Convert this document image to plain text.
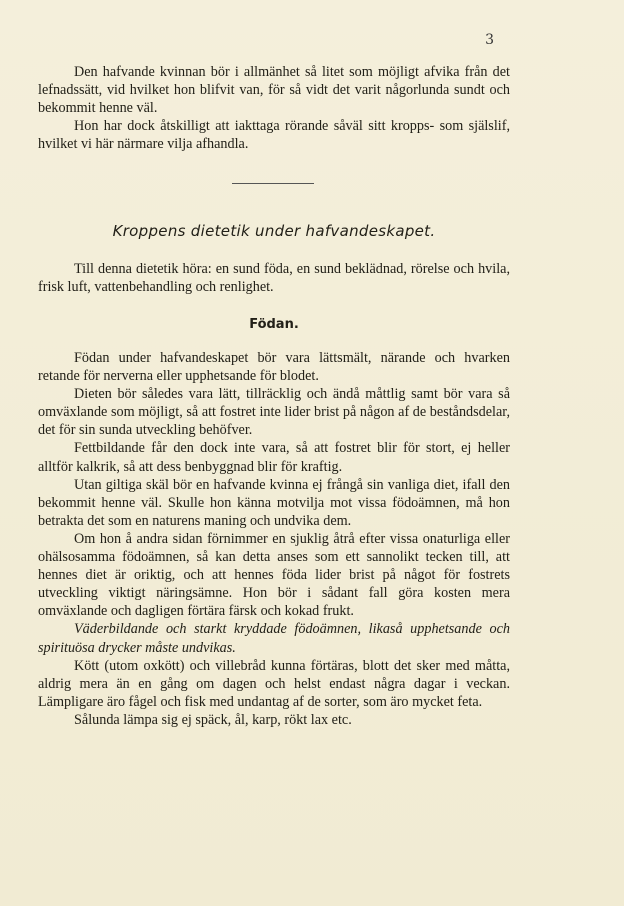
3

Den hafvande kvinnan bör i allmänhet så litet som möjligt afvika från det lefnadssätt, vid hvilket hon blifvit van, för så vidt det varit någorlunda sundt och bekommit henne väl.

Hon har dock åtskilligt att iakttaga rörande såväl sitt kropps- som själslif, hvilket vi här närmare vilja afhandla.

Kroppens dietetik under hafvandeskapet.

Till denna dietetik höra: en sund föda, en sund beklädnad, rörelse och hvila, frisk luft, vattenbehandling och renlighet.

Födan.

Födan under hafvandeskapet bör vara lättsmält, närande och hvarken retande för nerverna eller upphetsande för blodet.

Dieten bör således vara lätt, tillräcklig och ändå måttlig samt bör vara så omväxlande som möjligt, så att fostret inte lider brist på någon af de beståndsdelar, det för sin sunda utveckling behöfver.

Fettbildande får den dock inte vara, så att fostret blir för stort, ej heller alltför kalkrik, så att dess benbyggnad blir för kraftig.

Utan giltiga skäl bör en hafvande kvinna ej frångå sin vanliga diet, ifall den bekommit henne väl. Skulle hon känna motvilja mot vissa födoämnen, må hon betrakta det som en naturens maning och undvika dem.

Om hon å andra sidan förnimmer en sjuklig åtrå efter vissa onaturliga eller ohälsosamma födoämnen, så kan detta anses som ett sannolikt tecken till, att hennes diet är oriktig, och att hennes föda lider brist på något för fostrets utveckling viktigt näringsämne. Hon bör i sådant fall göra kosten mera omväxlande och dagligen förtära färsk och kokad frukt.

Väderbildande och starkt kryddade födoämnen, likaså upphetsande och spirituösa drycker måste undvikas.

Kött (utom oxkött) och villebråd kunna förtäras, blott det sker med måtta, aldrig mera än en gång om dagen och helst endast några dagar i veckan. Lämpligare äro fågel och fisk med undantag af de sorter, som äro mycket feta.

Sålunda lämpa sig ej späck, ål, karp, rökt lax etc.
